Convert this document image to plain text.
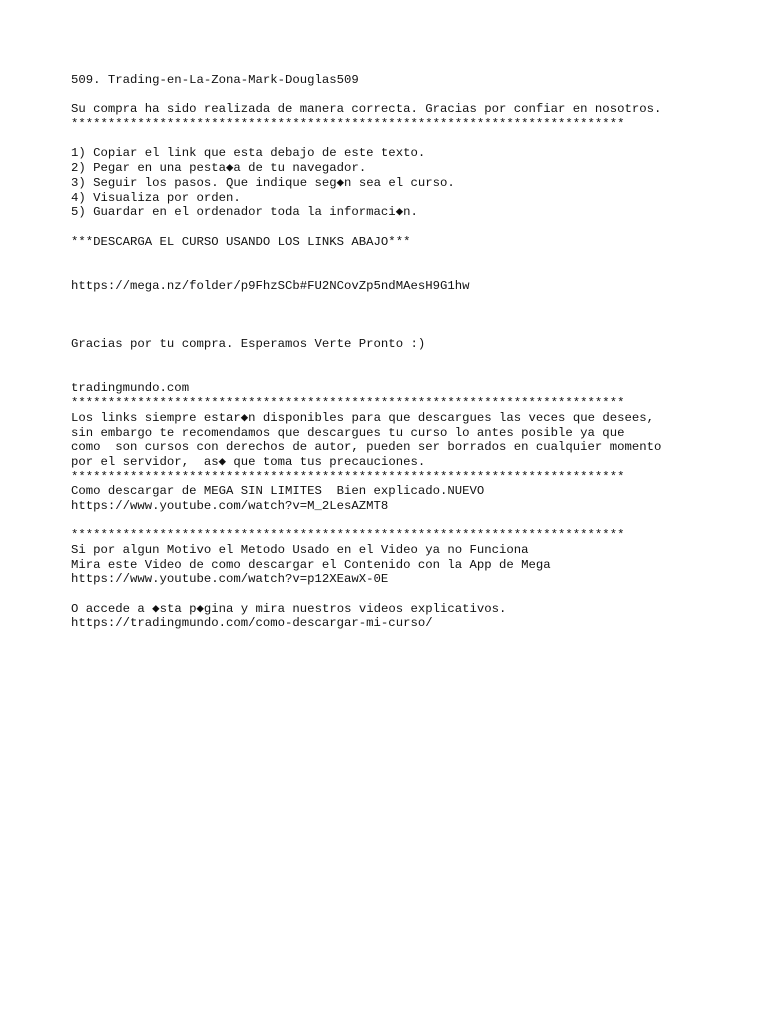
509. Trading-en-La-Zona-Mark-Douglas509
Su compra ha sido realizada de manera correcta. Gracias por confiar en nosotros.
***************************************************************************
1) Copiar el link que esta debajo de este texto.
2) Pegar en una pesta◆a de tu navegador.
3) Seguir los pasos. Que indique seg◆n sea el curso.
4) Visualiza por orden.
5) Guardar en el ordenador toda la informaci◆n.
***DESCARGA EL CURSO USANDO LOS LINKS ABAJO***
https://mega.nz/folder/p9FhzSCb#FU2NCovZp5ndMAesH9G1hw
Gracias por tu compra. Esperamos Verte Pronto :)
tradingmundo.com
***************************************************************************
Los links siempre estar◆n disponibles para que descargues las veces que desees,
sin embargo te recomendamos que descargues tu curso lo antes posible ya que
como  son cursos con derechos de autor, pueden ser borrados en cualquier momento
por el servidor,  as◆ que toma tus precauciones.
***************************************************************************
Como descargar de MEGA SIN LIMITES  Bien explicado.NUEVO
https://www.youtube.com/watch?v=M_2LesAZMT8
***************************************************************************
Si por algun Motivo el Metodo Usado en el Video ya no Funciona
Mira este Video de como descargar el Contenido con la App de Mega
https://www.youtube.com/watch?v=p12XEawX-0E
O accede a ◆sta p◆gina y mira nuestros videos explicativos.
https://tradingmundo.com/como-descargar-mi-curso/
